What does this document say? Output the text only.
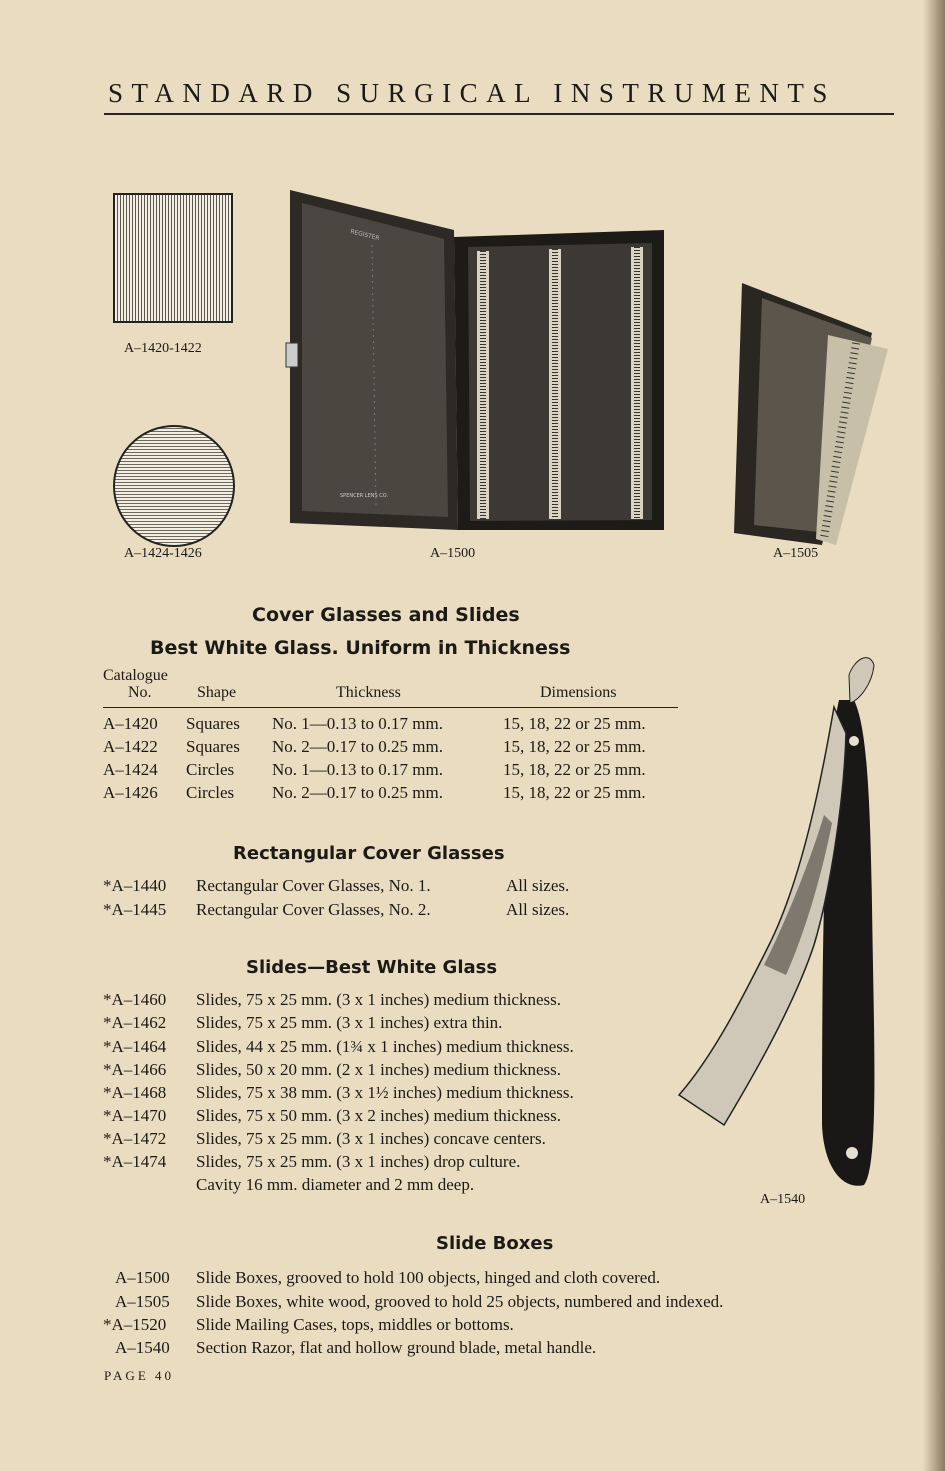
STANDARD SURGICAL INSTRUMENTS
A–1420-1422
A–1424-1426
REGISTER
SPENCER LENS CO.
A–1500	A–1505
A–1540
Cover Glasses and Slides
Best White Glass. Uniform in Thickness
Catalogue
No.	Shape	Thickness	Dimensions
A–1420 Squares No. 1—0.13 to 0.17 mm.	15, 18, 22 or 25 mm.
A–1422 Squares No. 2—0.17 to 0.25 mm.	15, 18, 22 or 25 mm.
A–1424 Circles No. 1—0.13 to 0.17 mm.	15, 18, 22 or 25 mm.
A–1426 Circles No. 2—0.17 to 0.25 mm.	15, 18, 22 or 25 mm.
Rectangular Cover Glasses
*A–1440 Rectangular Cover Glasses, No. 1.	All sizes.
*A–1445 Rectangular Cover Glasses, No. 2.	All sizes.
Slides—Best White Glass
*A–1460 Slides, 75 x 25 mm. (3 x 1 inches) medium thickness.
*A–1462 Slides, 75 x 25 mm. (3 x 1 inches) extra thin.
*A–1464 Slides, 44 x 25 mm. (1¾ x 1 inches) medium thickness.
*A–1466 Slides, 50 x 20 mm. (2 x 1 inches) medium thickness.
*A–1468 Slides, 75 x 38 mm. (3 x 1½ inches) medium thickness.
*A–1470 Slides, 75 x 50 mm. (3 x 2 inches) medium thickness.
*A–1472 Slides, 75 x 25 mm. (3 x 1 inches) concave centers.
*A–1474 Slides, 75 x 25 mm. (3 x 1 inches) drop culture.
Cavity 16 mm. diameter and 2 mm deep.
Slide Boxes
A–1500 Slide Boxes, grooved to hold 100 objects, hinged and cloth covered.
A–1505 Slide Boxes, white wood, grooved to hold 25 objects, numbered and indexed.
*A–1520 Slide Mailing Cases, tops, middles or bottoms.
A–1540 Section Razor, flat and hollow ground blade, metal handle.
PAGE 40
